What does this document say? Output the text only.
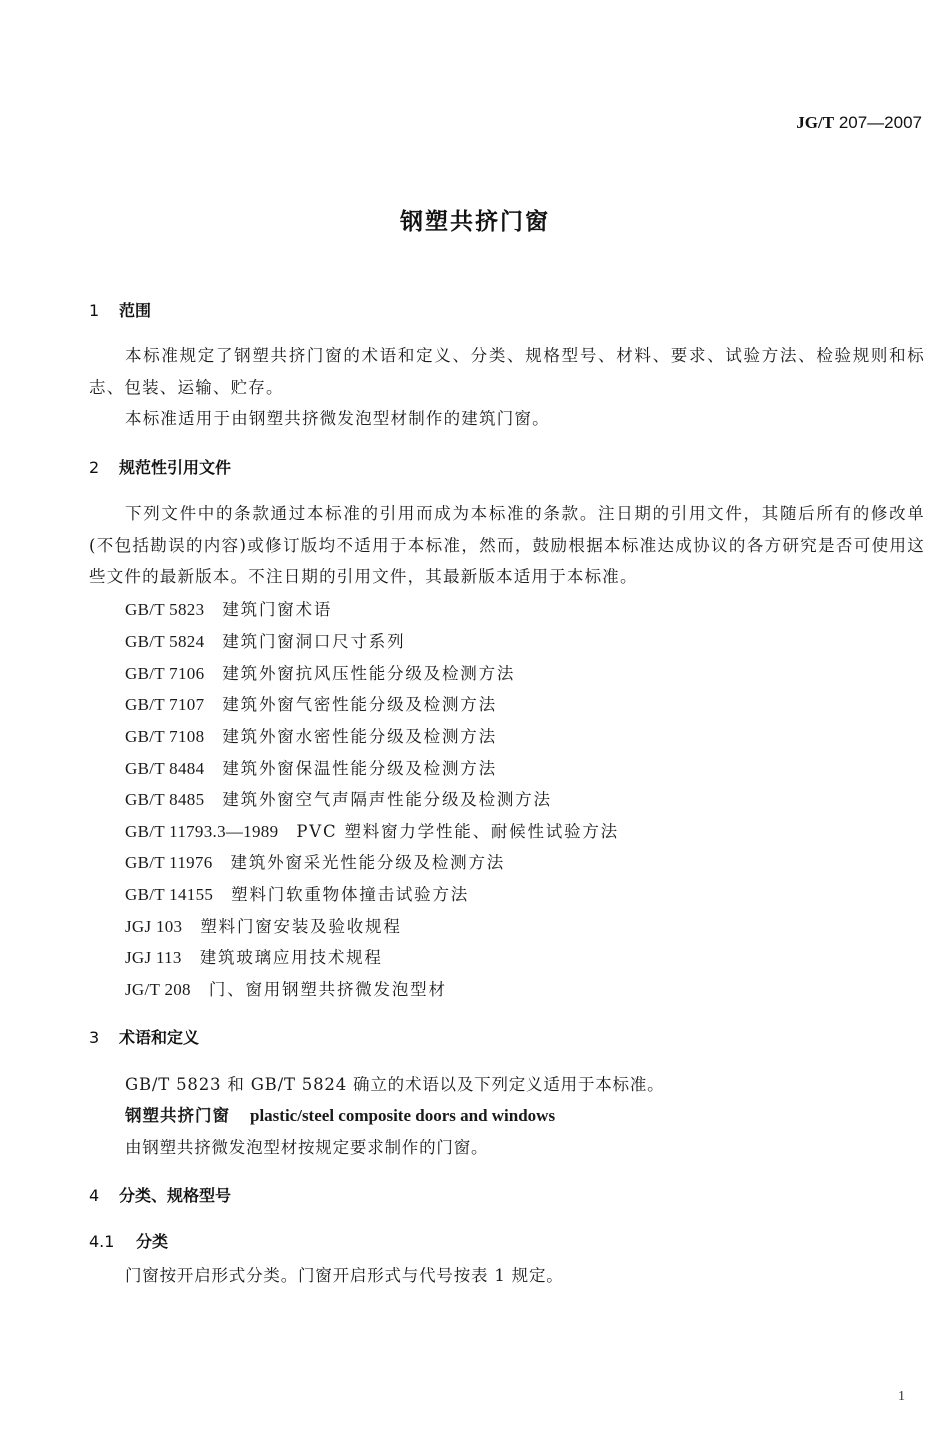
JG/T 207—2007
钢塑共挤门窗
1 范围
本标准规定了钢塑共挤门窗的术语和定义、分类、规格型号、材料、要求、试验方法、检验规则和标志、包装、运输、贮存。
本标准适用于由钢塑共挤微发泡型材制作的建筑门窗。
2 规范性引用文件
下列文件中的条款通过本标准的引用而成为本标准的条款。注日期的引用文件，其随后所有的修改单(不包括勘误的内容)或修订版均不适用于本标准，然而，鼓励根据本标准达成协议的各方研究是否可使用这些文件的最新版本。不注日期的引用文件，其最新版本适用于本标准。
GB/T 5823 建筑门窗术语
GB/T 5824 建筑门窗洞口尺寸系列
GB/T 7106 建筑外窗抗风压性能分级及检测方法
GB/T 7107 建筑外窗气密性能分级及检测方法
GB/T 7108 建筑外窗水密性能分级及检测方法
GB/T 8484 建筑外窗保温性能分级及检测方法
GB/T 8485 建筑外窗空气声隔声性能分级及检测方法
GB/T 11793.3—1989 PVC 塑料窗力学性能、耐候性试验方法
GB/T 11976 建筑外窗采光性能分级及检测方法
GB/T 14155 塑料门软重物体撞击试验方法
JGJ 103 塑料门窗安装及验收规程
JGJ 113 建筑玻璃应用技术规程
JG/T 208 门、窗用钢塑共挤微发泡型材
3 术语和定义
GB/T 5823 和 GB/T 5824 确立的术语以及下列定义适用于本标准。
钢塑共挤门窗 plastic/steel composite doors and windows
由钢塑共挤微发泡型材按规定要求制作的门窗。
4 分类、规格型号
4.1 分类
门窗按开启形式分类。门窗开启形式与代号按表 1 规定。
1
